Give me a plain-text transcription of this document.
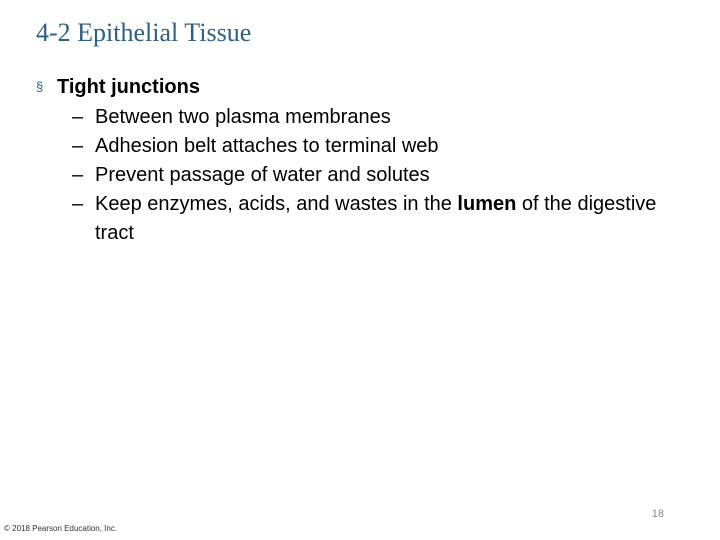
4-2 Epithelial Tissue
§ Tight junctions
– Between two plasma membranes
– Adhesion belt attaches to terminal web
– Prevent passage of water and solutes
– Keep enzymes, acids, and wastes in the lumen of the digestive tract
18
© 2018 Pearson Education, Inc.
